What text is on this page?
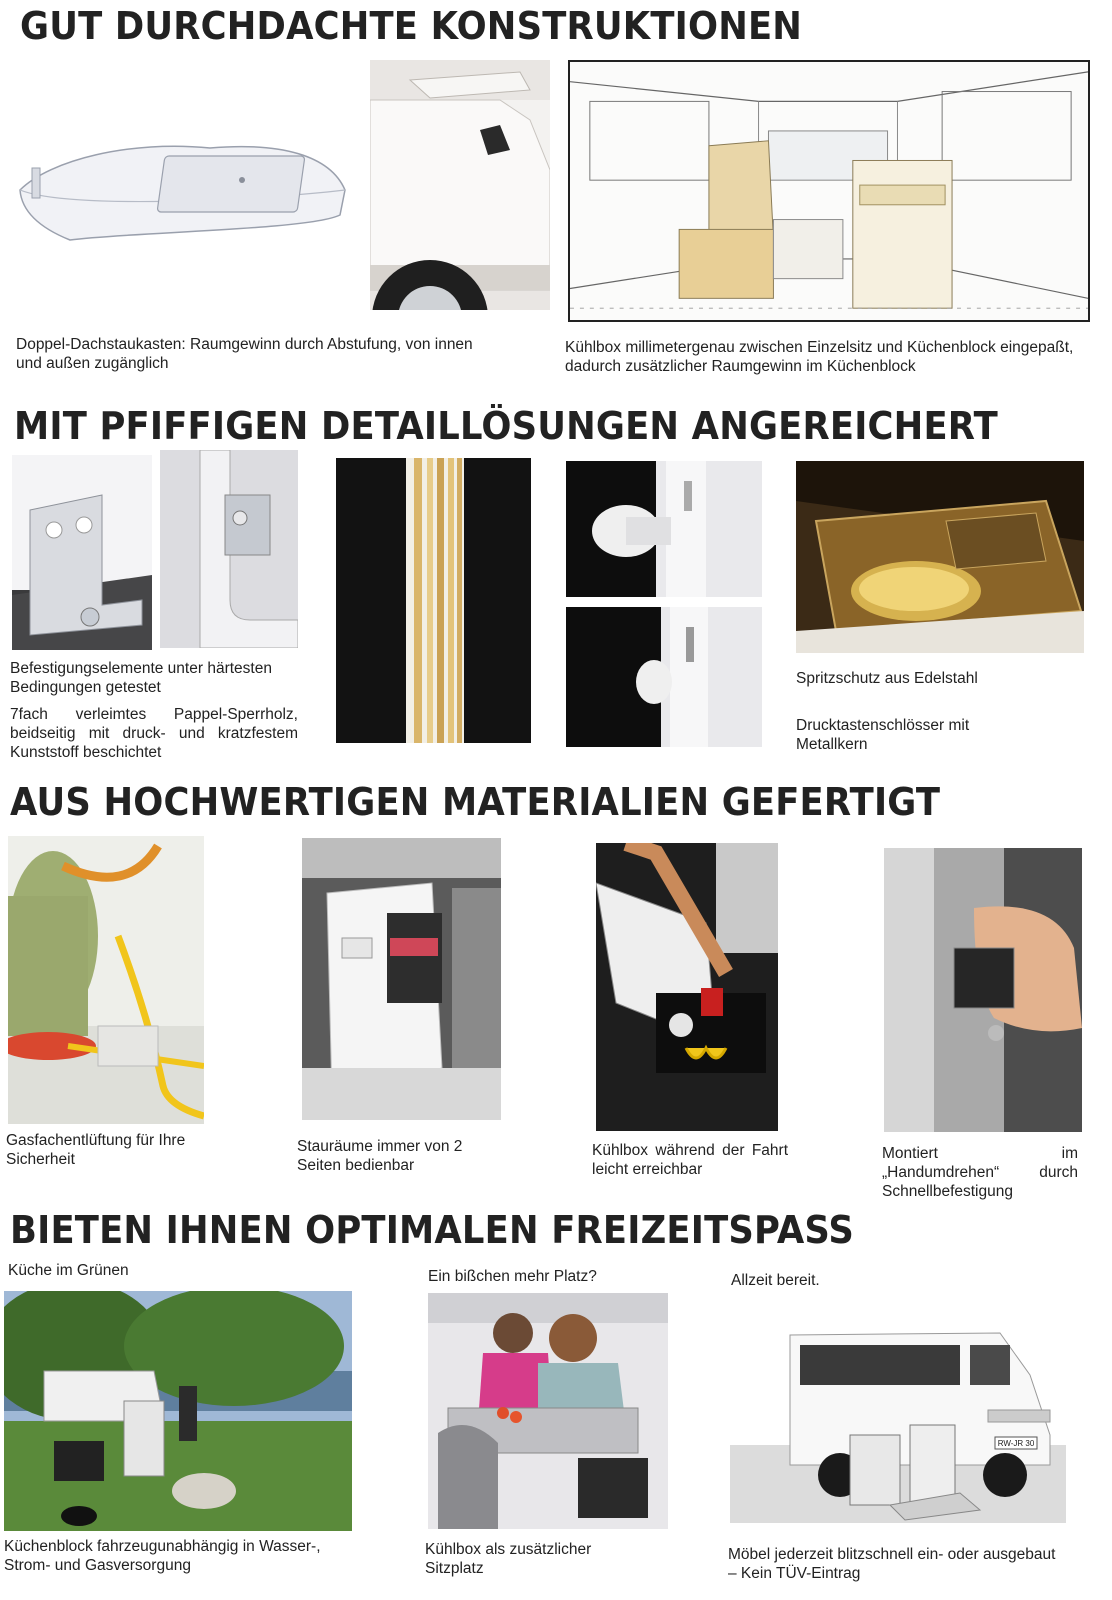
GUT DURCHDACHTE KONSTRUKTIONEN
Doppel-Dachstaukasten: Raumgewinn durch Abstufung, von innen und außen zugänglich
Kühlbox millimetergenau zwischen Einzelsitz und Küchenblock eingepaßt, dadurch zusätzlicher Raumgewinn im Küchenblock
MIT PFIFFIGEN DETAILLÖSUNGEN ANGEREICHERT
Befestigungselemente unter härtesten Bedingungen getestet
7fach verleimtes Pappel-Sperrholz, beidseitig mit druck- und kratzfestem Kunststoff beschichtet
Spritzschutz aus Edelstahl
Drucktastenschlösser mit Metallkern
AUS HOCHWERTIGEN MATERIALIEN GEFERTIGT
Gasfachentlüftung für Ihre Sicherheit
Stauräume immer von 2 Seiten bedienbar
Kühlbox während der Fahrt leicht erreichbar
Montiert im „Handumdrehen“ durch Schnellbefestigung
BIETEN IHNEN OPTIMALEN FREIZEITSPASS
Küche im Grünen	Ein bißchen mehr Platz?	Allzeit bereit.
RW-JR 30
Küchenblock fahrzeugunabhängig in Wasser-, Strom- und Gasversorgung
Kühlbox als zusätzlicher Sitzplatz
Möbel jederzeit blitzschnell ein- oder ausgebaut – Kein TÜV-Eintrag
